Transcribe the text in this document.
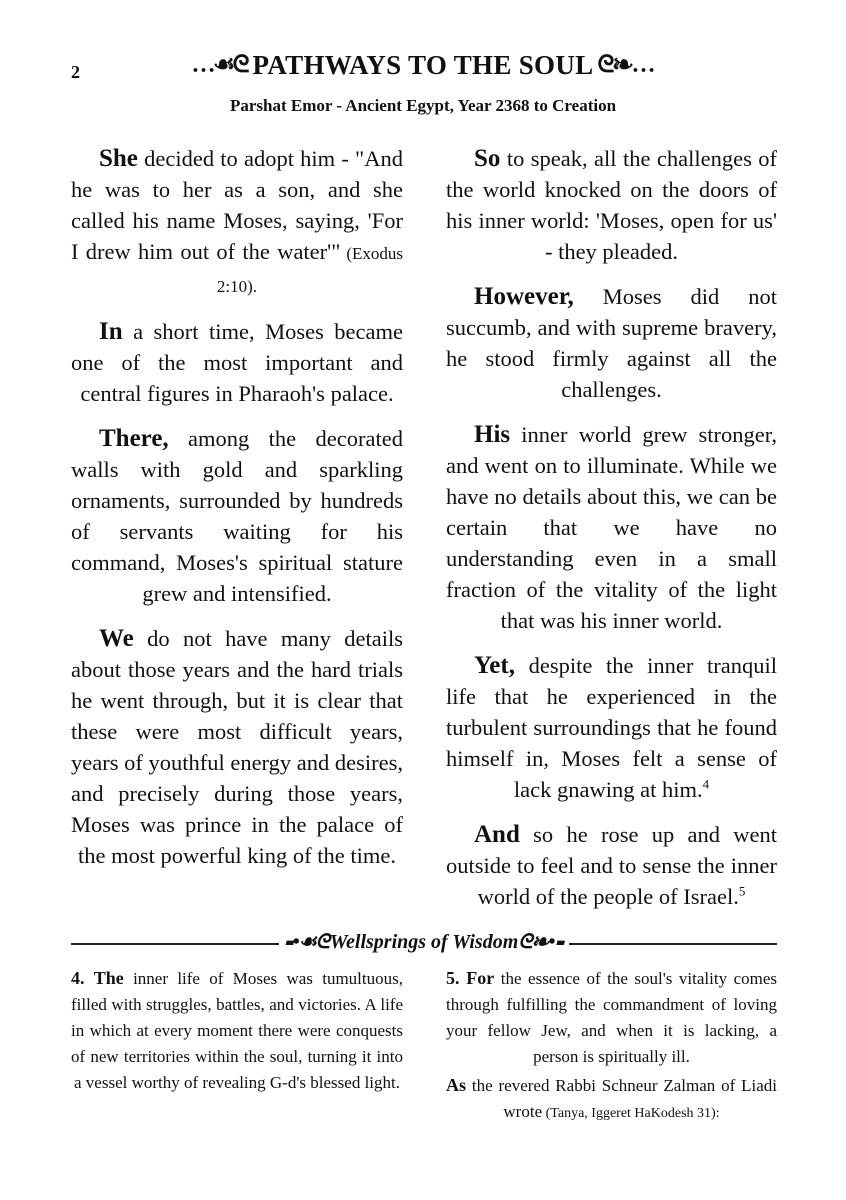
2	…☙ᘓ PATHWAYS TO THE SOUL ᘓ❧…
Parshat Emor - Ancient Egypt, Year 2368 to Creation

She decided to adopt him - "And he was to her as a son, and she called his name Moses, saying, 'For I drew him out of the water'" (Exodus 2:10).

In a short time, Moses became one of the most important and central figures in Pharaoh's palace.

There, among the decorated walls with gold and sparkling ornaments, surrounded by hundreds of servants waiting for his command, Moses's spiritual stature grew and intensified.

We do not have many details about those years and the hard trials he went through, but it is clear that these were most difficult years, years of youthful energy and desires, and precisely during those years, Moses was prince in the palace of the most powerful king of the time.

So to speak, all the challenges of the world knocked on the doors of his inner world: 'Moses, open for us' - they pleaded.

However, Moses did not succumb, and with supreme bravery, he stood firmly against all the challenges.

His inner world grew stronger, and went on to illuminate. While we have no details about this, we can be certain that we have no understanding even in a small fraction of the vitality of the light that was his inner world.

Yet, despite the inner tranquil life that he experienced in the turbulent surroundings that he found himself in, Moses felt a sense of lack gnawing at him.$^4$

And so he rose up and went outside to feel and to sense the inner world of the people of Israel.$^5$

⁃•☙ᘓWellsprings of Wisdomᘓ❧•⁃

4. The inner life of Moses was tumultuous, filled with struggles, battles, and victories. A life in which at every moment there were conquests of new territories within the soul, turning it into a vessel worthy of revealing G-d's blessed light.

5. For the essence of the soul's vitality comes through fulfilling the commandment of loving your fellow Jew, and when it is lacking, a person is spiritually ill.

As the revered Rabbi Schneur Zalman of Liadi wrote (Tanya, Iggeret HaKodesh 31):
